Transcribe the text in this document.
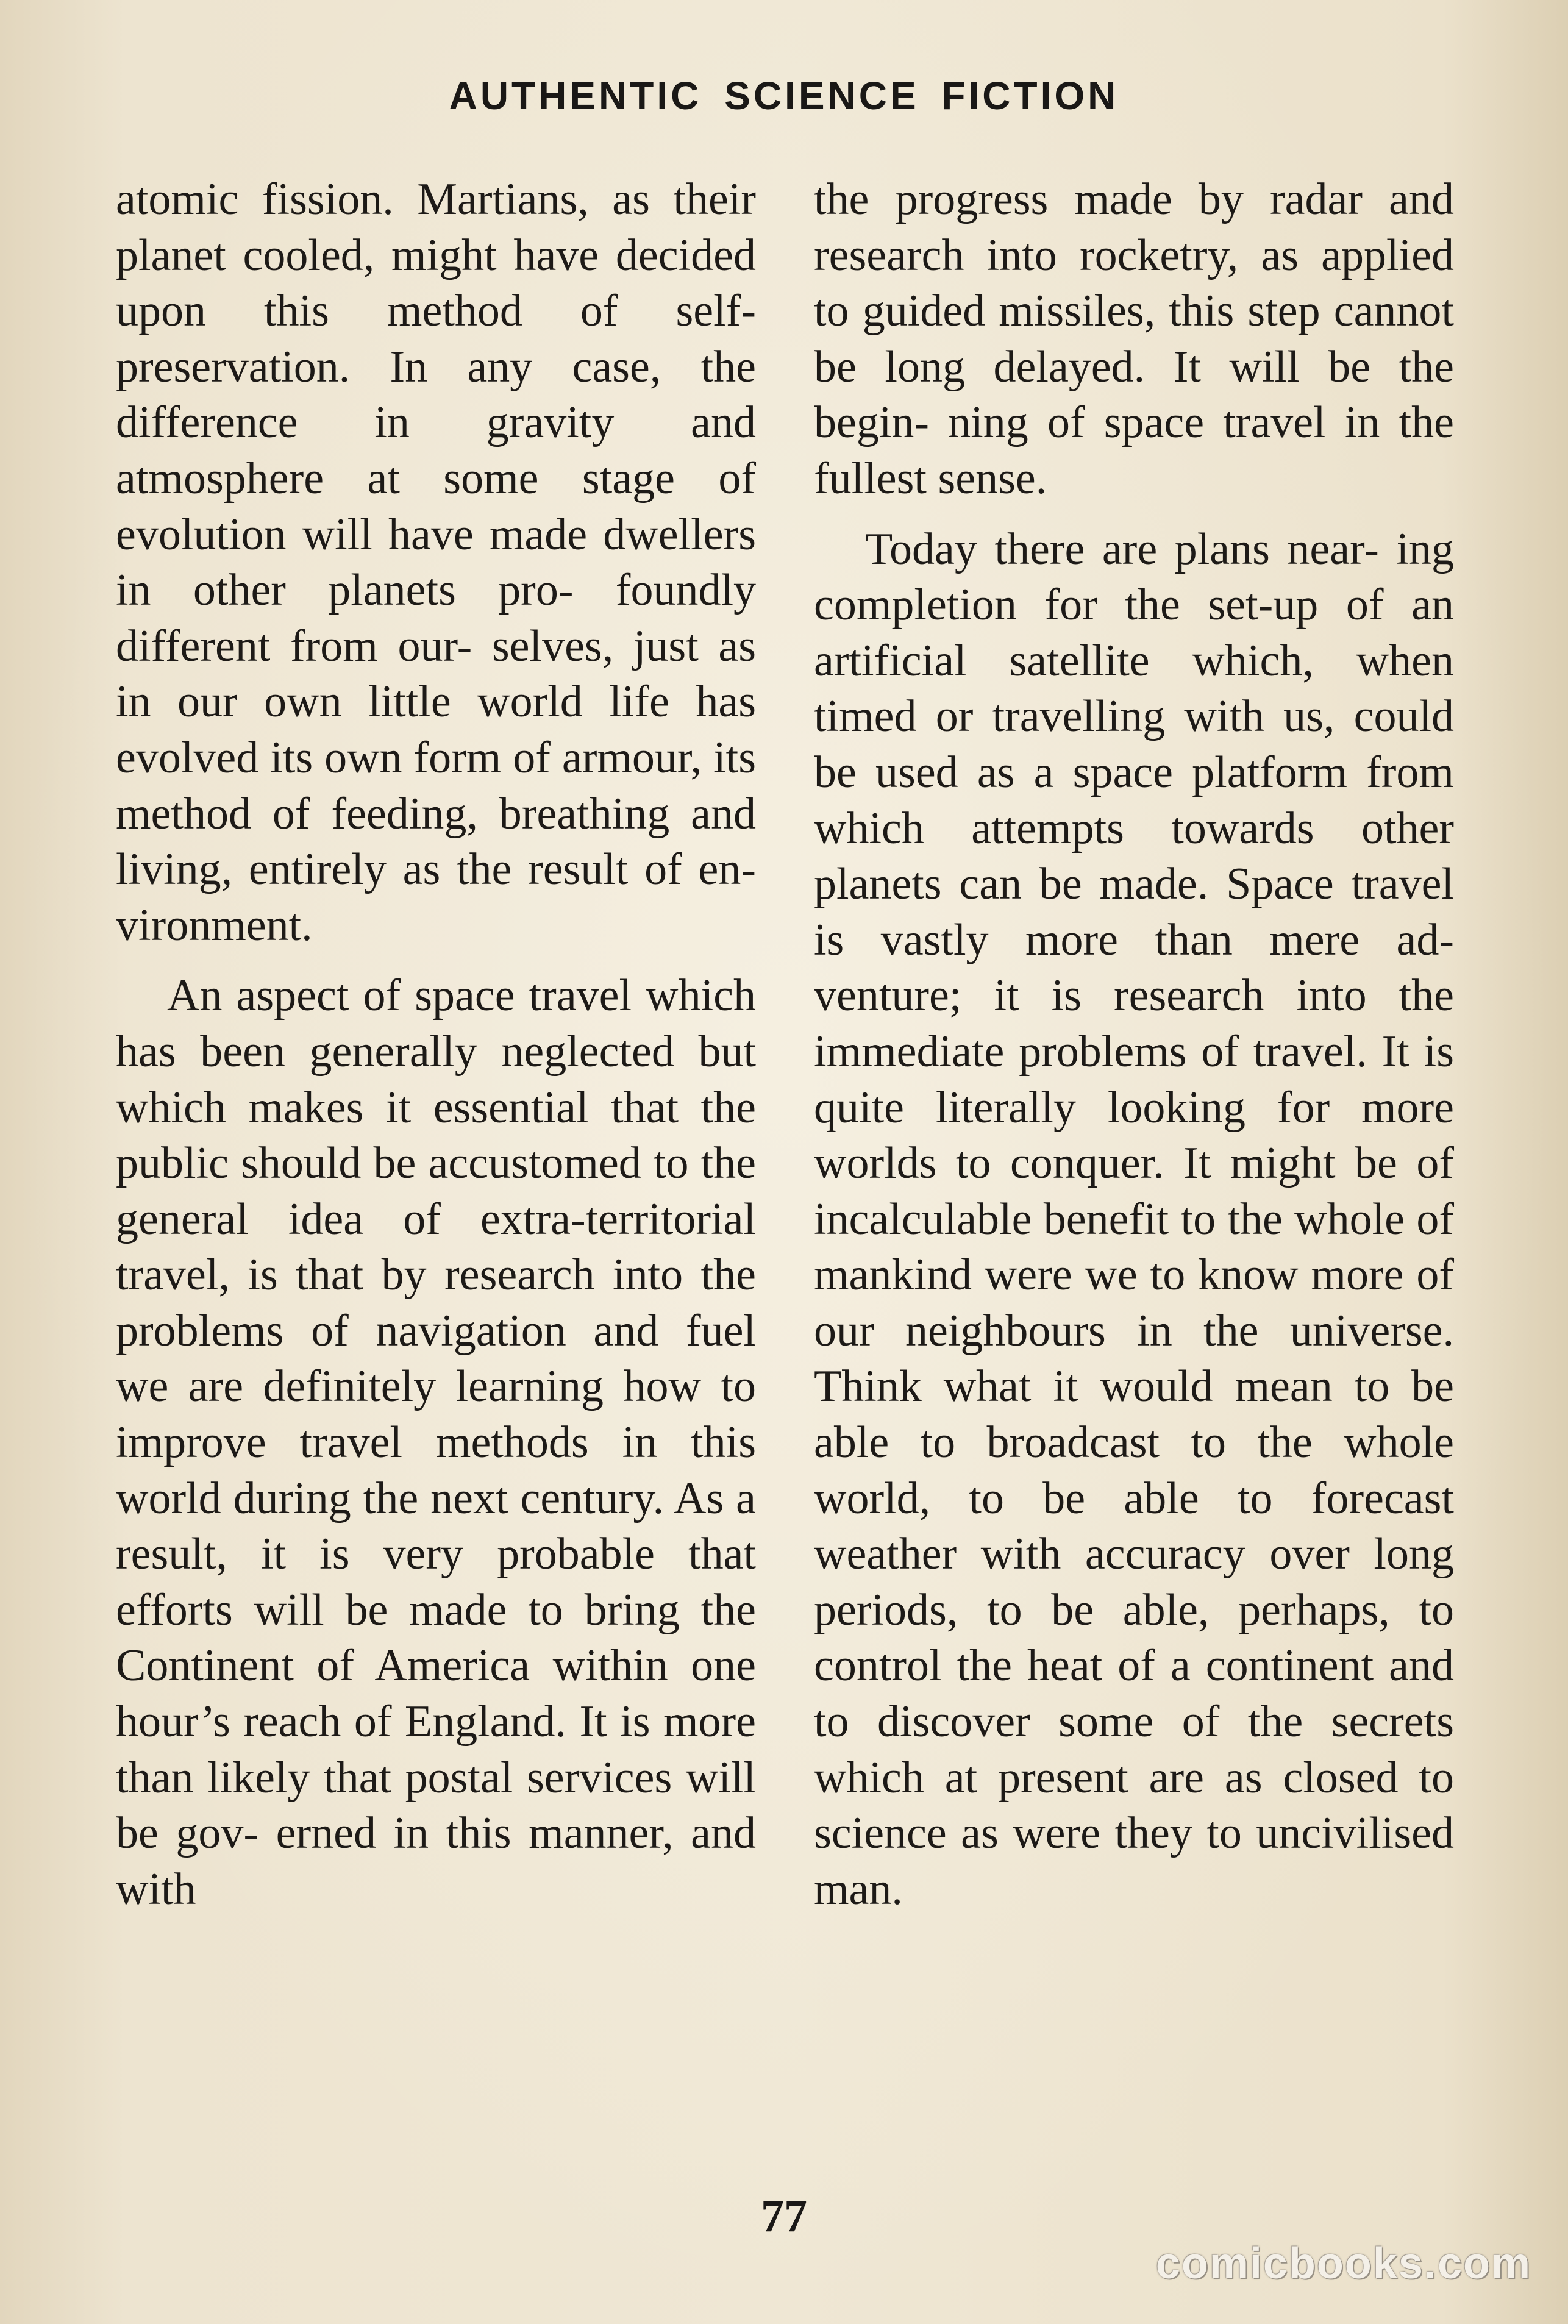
AUTHENTIC SCIENCE FICTION

atomic fission. Martians, as their planet cooled, might have decided upon this method of self-preservation. In any case, the difference in gravity and atmosphere at some stage of evolution will have made dwellers in other planets pro- foundly different from our- selves, just as in our own little world life has evolved its own form of armour, its method of feeding, breathing and living, entirely as the result of en- vironment.

An aspect of space travel which has been generally neglected but which makes it essential that the public should be accustomed to the general idea of extra-territorial travel, is that by research into the problems of navigation and fuel we are definitely learning how to improve travel methods in this world during the next century. As a result, it is very probable that efforts will be made to bring the Continent of America within one hour’s reach of England. It is more than likely that postal services will be gov- erned in this manner, and with

the progress made by radar and research into rocketry, as applied to guided missiles, this step cannot be long delayed. It will be the begin- ning of space travel in the fullest sense.

Today there are plans near- ing completion for the set-up of an artificial satellite which, when timed or travelling with us, could be used as a space platform from which attempts towards other planets can be made. Space travel is vastly more than mere ad- venture; it is research into the immediate problems of travel. It is quite literally looking for more worlds to conquer. It might be of incalculable benefit to the whole of mankind were we to know more of our neighbours in the universe. Think what it would mean to be able to broadcast to the whole world, to be able to forecast weather with accuracy over long periods, to be able, perhaps, to control the heat of a continent and to discover some of the secrets which at present are as closed to science as were they to uncivilised man.

77
comicbooks.com
